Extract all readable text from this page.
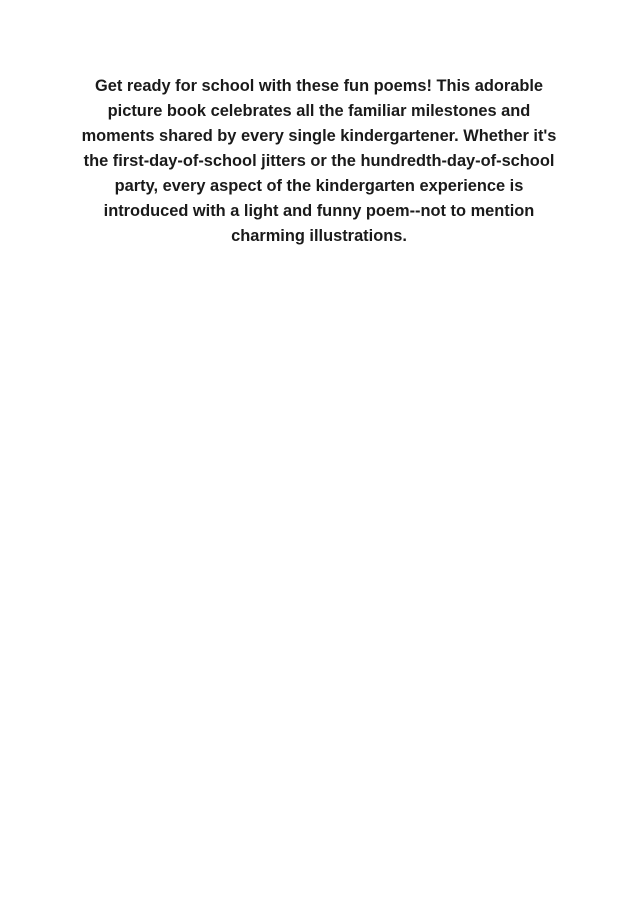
Get ready for school with these fun poems! This adorable
picture book celebrates all the familiar milestones and
moments shared by every single kindergartener. Whether it's
the first-day-of-school jitters or the hundredth-day-of-school
party, every aspect of the kindergarten experience is
introduced with a light and funny poem--not to mention
charming illustrations.
